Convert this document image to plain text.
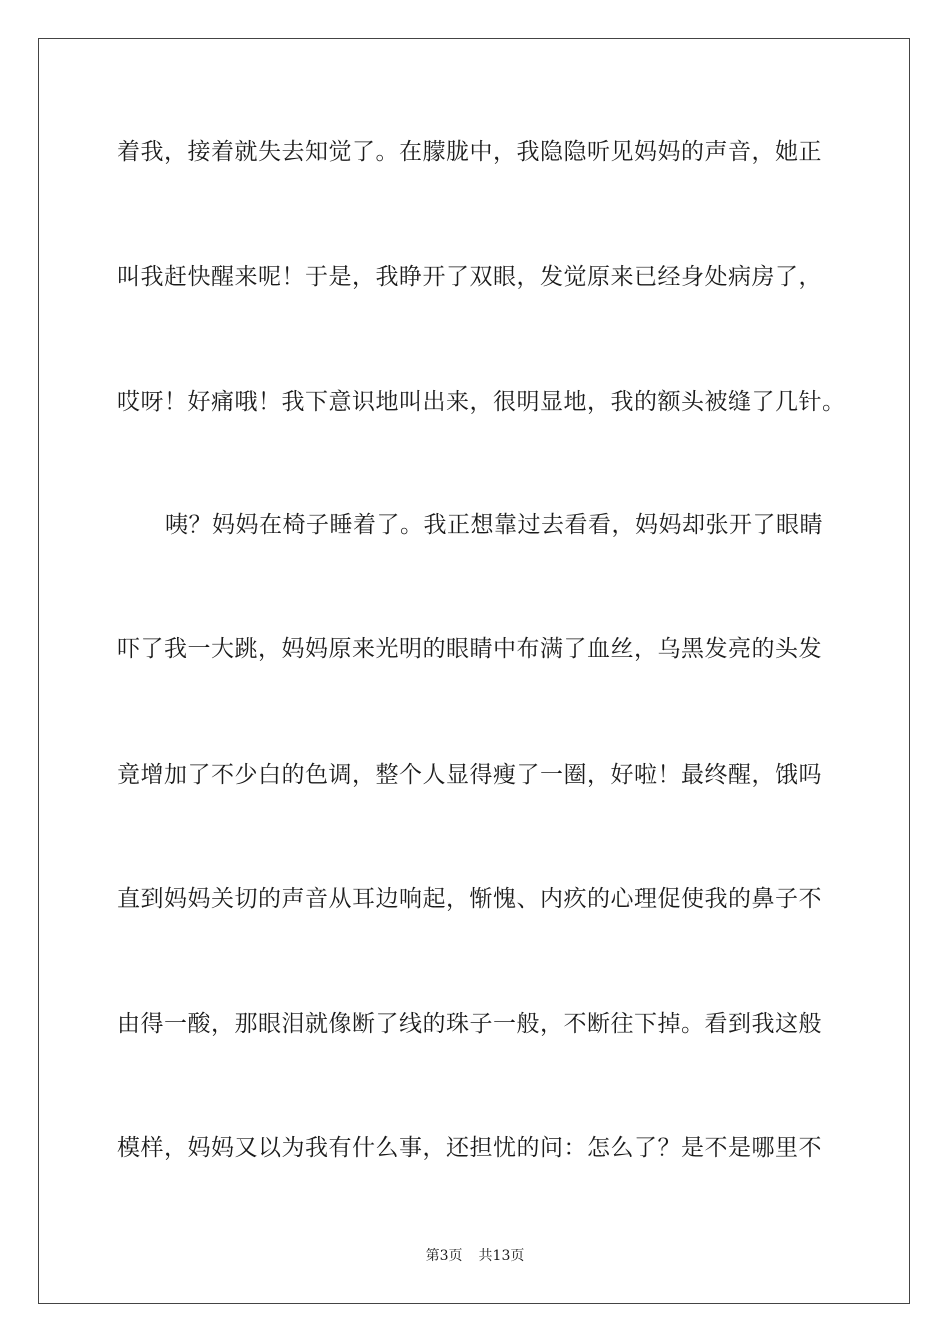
着我，接着就失去知觉了。在朦胧中，我隐隐听见妈妈的声音，她正
叫我赶快醒来呢！于是，我睁开了双眼，发觉原来已经身处病房了，
哎呀！好痛哦！我下意识地叫出来，很明显地，我的额头被缝了几针。
咦？妈妈在椅子睡着了。我正想靠过去看看，妈妈却张开了眼睛
吓了我一大跳，妈妈原来光明的眼睛中布满了血丝，乌黑发亮的头发
竟增加了不少白的色调，整个人显得瘦了一圈，好啦！最终醒，饿吗
直到妈妈关切的声音从耳边响起，惭愧、内疚的心理促使我的鼻子不
由得一酸，那眼泪就像断了线的珠子一般，不断往下掉。看到我这般
模样，妈妈又以为我有什么事，还担忧的问：怎么了？是不是哪里不
第3页 共13页
